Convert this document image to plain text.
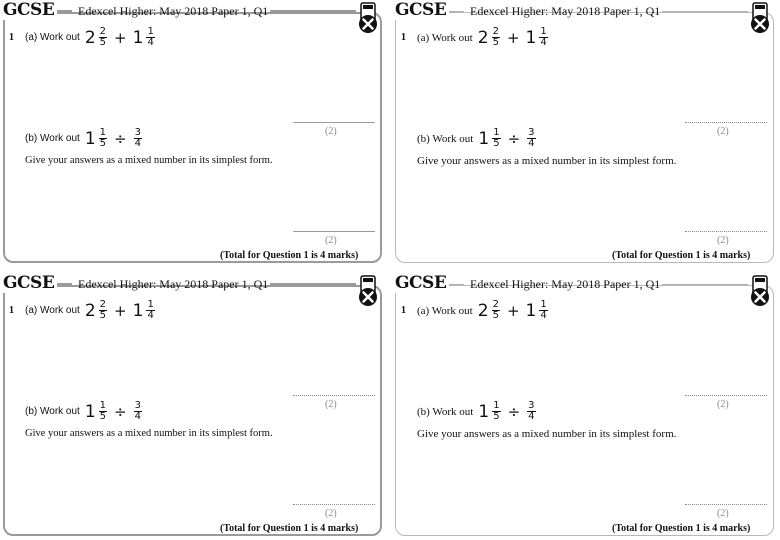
GCSE Edexcel Higher: May 2018 Paper 1, Q1
1 (a) Work out $2 \frac{2}{5} + 1 \frac{1}{4}$
(2)
(b) Work out $1 \frac{1}{5} \div \frac{3}{4}$
Give your answers as a mixed number in its simplest form.
(2)
(Total for Question 1 is 4 marks)
GCSE Edexcel Higher: May 2018 Paper 1, Q1
1 (a) Work out $2 \frac{2}{5} + 1 \frac{1}{4}$
(2)
(b) Work out $1 \frac{1}{5} \div \frac{3}{4}$
Give your answers as a mixed number in its simplest form.
(2)
(Total for Question 1 is 4 marks)
GCSE Edexcel Higher: May 2018 Paper 1, Q1
1 (a) Work out $2 \frac{2}{5} + 1 \frac{1}{4}$
(2)
(b) Work out $1 \frac{1}{5} \div \frac{3}{4}$
Give your answers as a mixed number in its simplest form.
(2)
(Total for Question 1 is 4 marks)
GCSE Edexcel Higher: May 2018 Paper 1, Q1
1 (a) Work out $2 \frac{2}{5} + 1 \frac{1}{4}$
(2)
(b) Work out $1 \frac{1}{5} \div \frac{3}{4}$
Give your answers as a mixed number in its simplest form.
(2)
(Total for Question 1 is 4 marks)
